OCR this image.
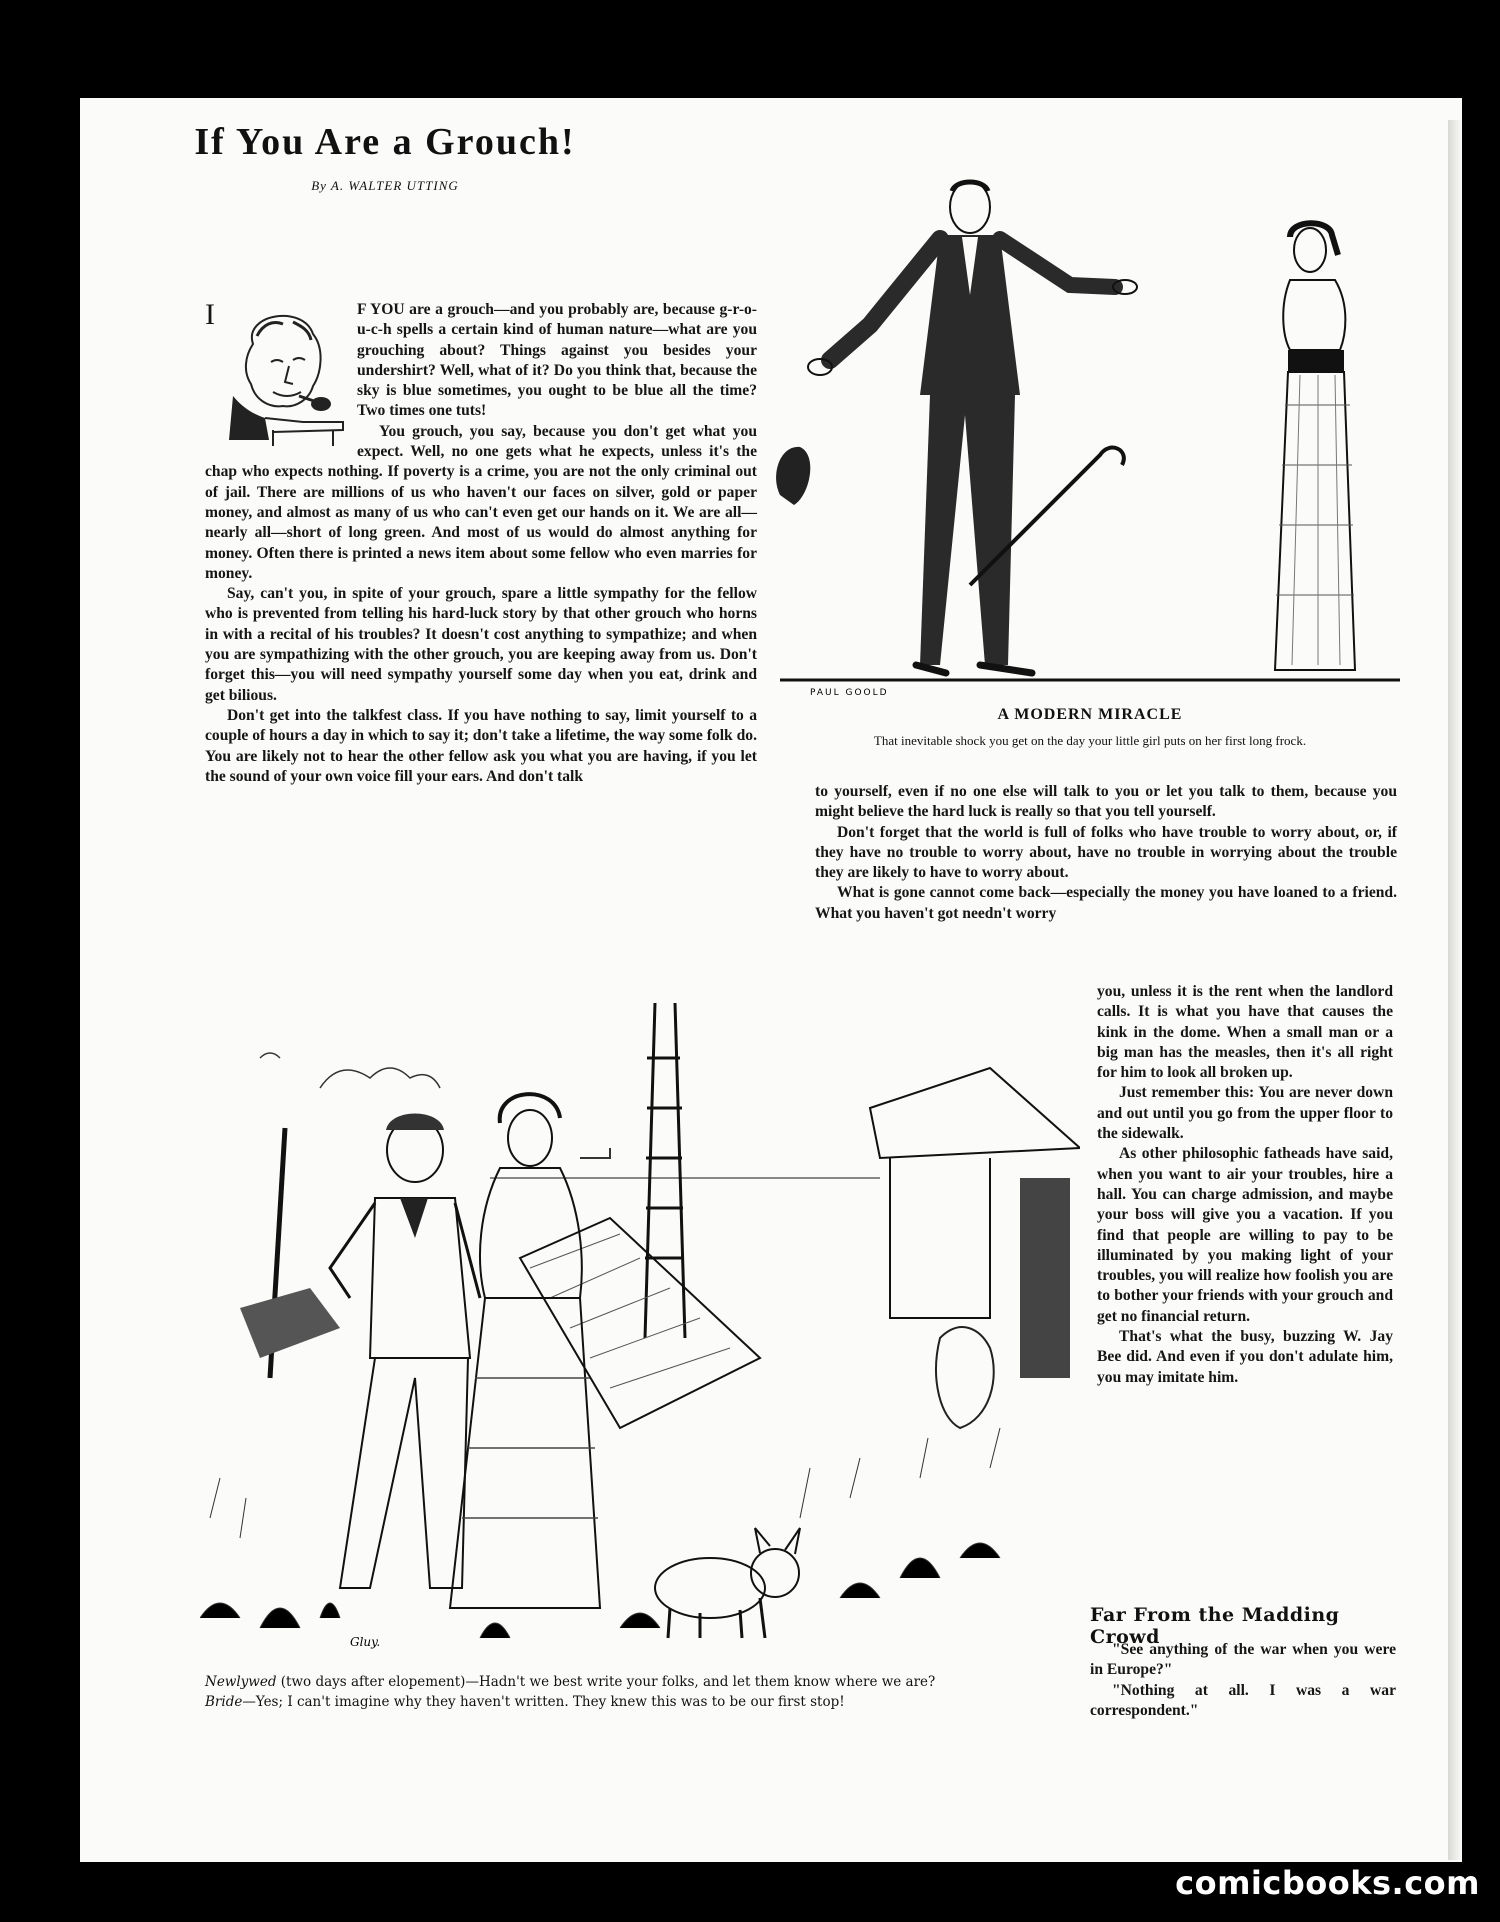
If You Are a Grouch!
By A. WALTER UTTING

I	F YOU are a grouch—and you probably are, because g-r-o-u-c-h spells a certain kind of human nature—what are you grouching about? Things against you besides your undershirt? Well, what of it? Do you think that, because the sky is blue sometimes, you ought to be blue all the time? Two times one tuts!

You grouch, you say, because you don't get what you expect. Well, no one gets what he expects, unless it's the chap who expects nothing. If poverty is a crime, you are not the only criminal out of jail. There are millions of us who haven't our faces on silver, gold or paper money, and almost as many of us who can't even get our hands on it. We are all—nearly all—short of long green. And most of us would do almost anything for money. Often there is printed a news item about some fellow who even marries for money.

Say, can't you, in spite of your grouch, spare a little sympathy for the fellow who is prevented from telling his hard-luck story by that other grouch who horns in with a recital of his troubles? It doesn't cost anything to sympathize; and when you are sympathizing with the other grouch, you are keeping away from us. Don't forget this—you will need sympathy yourself some day when you eat, drink and get bilious.

Don't get into the talkfest class. If you have nothing to say, limit yourself to a couple of hours a day in which to say it; don't take a lifetime, the way some folk do. You are likely not to hear the other fellow ask you what you are having, if you let the sound of your own voice fill your ears. And don't talk

to yourself, even if no one else will talk to you or let you talk to them, because you might believe the hard luck is really so that you tell yourself.

Don't forget that the world is full of folks who have trouble to worry about, or, if they have no trouble to worry about, have no trouble in worrying about the trouble they are likely to have to worry about.

What is gone cannot come back—especially the money you have loaned to a friend. What you haven't got needn't worry

you, unless it is the rent when the landlord calls. It is what you have that causes the kink in the dome. When a small man or a big man has the measles, then it's all right for him to look all broken up.

Just remember this: You are never down and out until you go from the upper floor to the sidewalk.

As other philosophic fatheads have said, when you want to air your troubles, hire a hall. You can charge admission, and maybe your boss will give you a vacation. If you find that people are willing to pay to be illuminated by you making light of your troubles, you will realize how foolish you are to bother your friends with your grouch and get no financial return.

That's what the busy, buzzing W. Jay Bee did. And even if you don't adulate him, you may imitate him.

PAUL GOOLD
A MODERN MIRACLE
That inevitable shock you get on the day your little girl puts on her first long frock.
Gluy.
Newlywed (two days after elopement)—Hadn't we best write your folks, and let them know where we are?
Bride—Yes; I can't imagine why they haven't written. They knew this was to be our first stop!
Far From the Madding Crowd

"See anything of the war when you were in Europe?"

"Nothing at all. I was a war correspondent."

comicbooks.com
